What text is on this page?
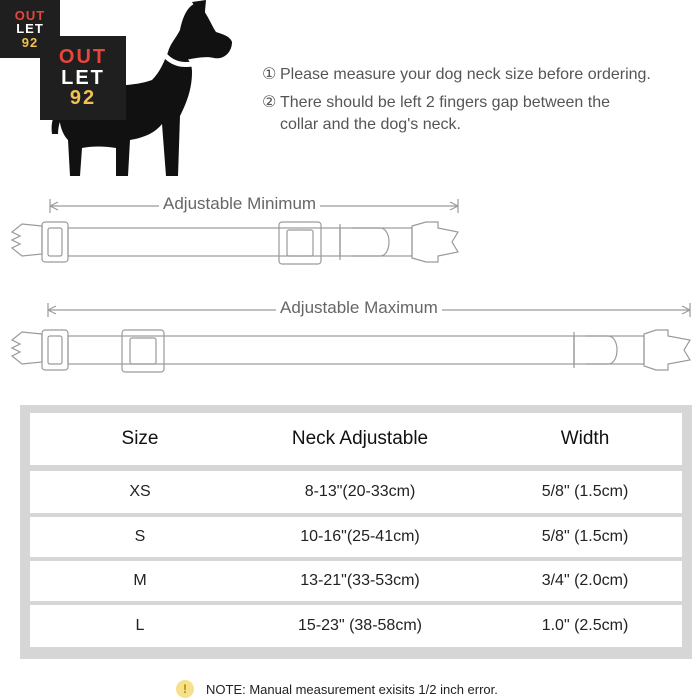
OUT
LET
92
OUT
LET
92
① Please measure your dog neck size before ordering.
② There should be left 2 fingers gap between the
collar and the dog's neck.
Adjustable Minimum
Adjustable Maximum
Size	Neck Adjustable	Width
XS	8-13"(20-33cm)	5/8" (1.5cm)
S	10-16"(25-41cm)	5/8" (1.5cm)
M	13-21"(33-53cm)	3/4" (2.0cm)
L	15-23" (38-58cm)	1.0" (2.5cm)
!	NOTE: Manual measurement exisits 1/2 inch error.
